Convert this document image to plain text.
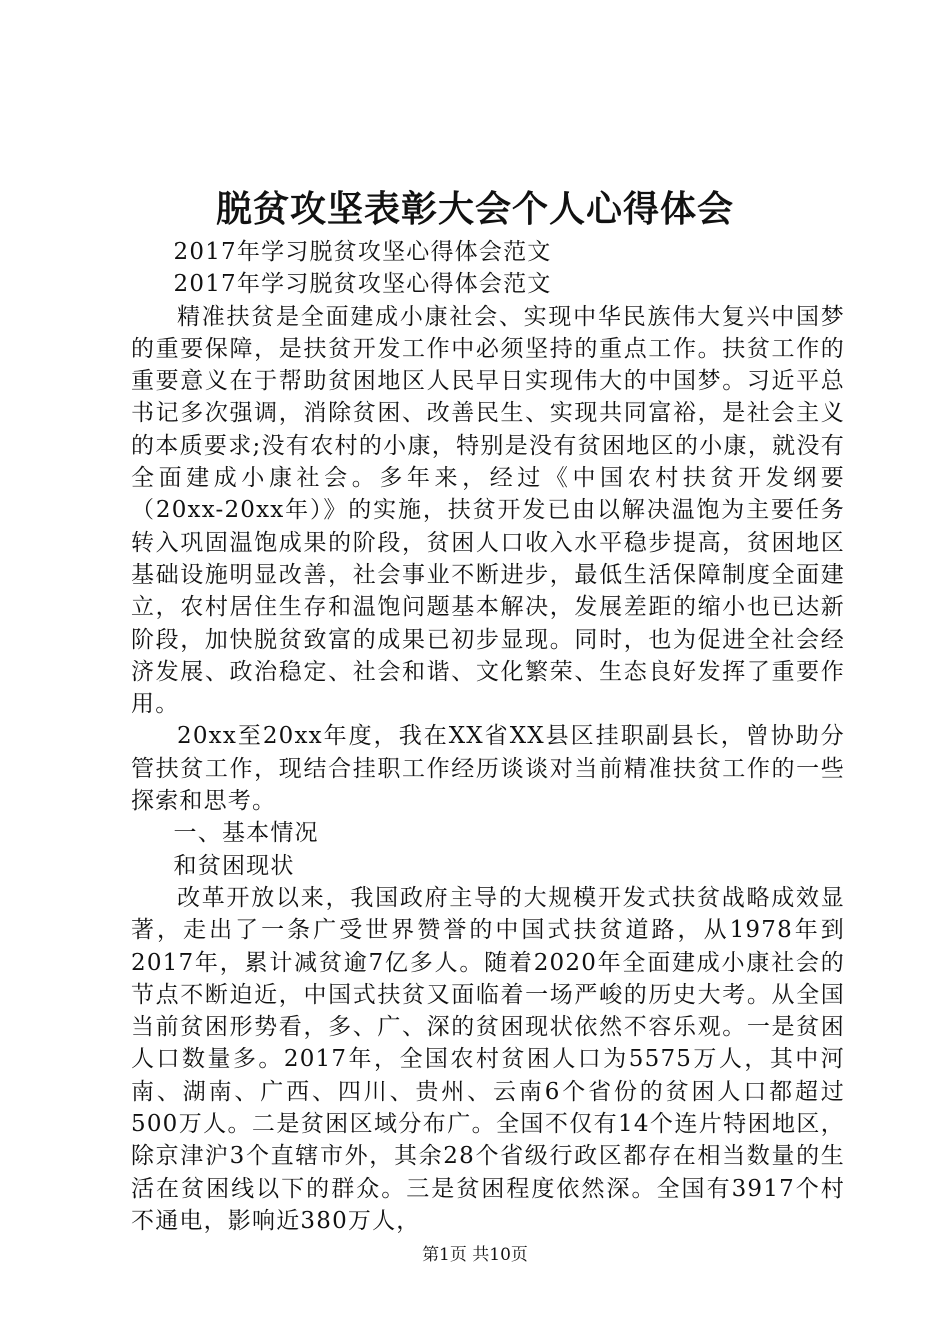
脱贫攻坚表彰大会个人心得体会

2017年学习脱贫攻坚心得体会范文

2017年学习脱贫攻坚心得体会范文

精准扶贫是全面建成小康社会、实现中华民族伟大复兴中国梦的重要保障，是扶贫开发工作中必须坚持的重点工作。扶贫工作的重要意义在于帮助贫困地区人民早日实现伟大的中国梦。习近平总书记多次强调，消除贫困、改善民生、实现共同富裕，是社会主义的本质要求;没有农村的小康，特别是没有贫困地区的小康，就没有全面建成小康社会。多年来，经过《中国农村扶贫开发纲要（20xx-20xx年）》的实施，扶贫开发已由以解决温饱为主要任务转入巩固温饱成果的阶段，贫困人口收入水平稳步提高，贫困地区基础设施明显改善，社会事业不断进步，最低生活保障制度全面建立，农村居住生存和温饱问题基本解决，发展差距的缩小也已达新阶段，加快脱贫致富的成果已初步显现。同时，也为促进全社会经济发展、政治稳定、社会和谐、文化繁荣、生态良好发挥了重要作用。

20xx至20xx年度，我在XX省XX县区挂职副县长，曾协助分管扶贫工作，现结合挂职工作经历谈谈对当前精准扶贫工作的一些探索和思考。

一、基本情况

和贫困现状

改革开放以来，我国政府主导的大规模开发式扶贫战略成效显著，走出了一条广受世界赞誉的中国式扶贫道路，从1978年到2017年，累计减贫逾7亿多人。随着2020年全面建成小康社会的节点不断迫近，中国式扶贫又面临着一场严峻的历史大考。从全国当前贫困形势看，多、广、深的贫困现状依然不容乐观。一是贫困人口数量多。2017年，全国农村贫困人口为5575万人，其中河南、湖南、广西、四川、贵州、云南6个省份的贫困人口都超过500万人。二是贫困区域分布广。全国不仅有14个连片特困地区，除京津沪3个直辖市外，其余28个省级行政区都存在相当数量的生活在贫困线以下的群众。三是贫困程度依然深。全国有3917个村不通电，影响近380万人，

第1页 共10页
